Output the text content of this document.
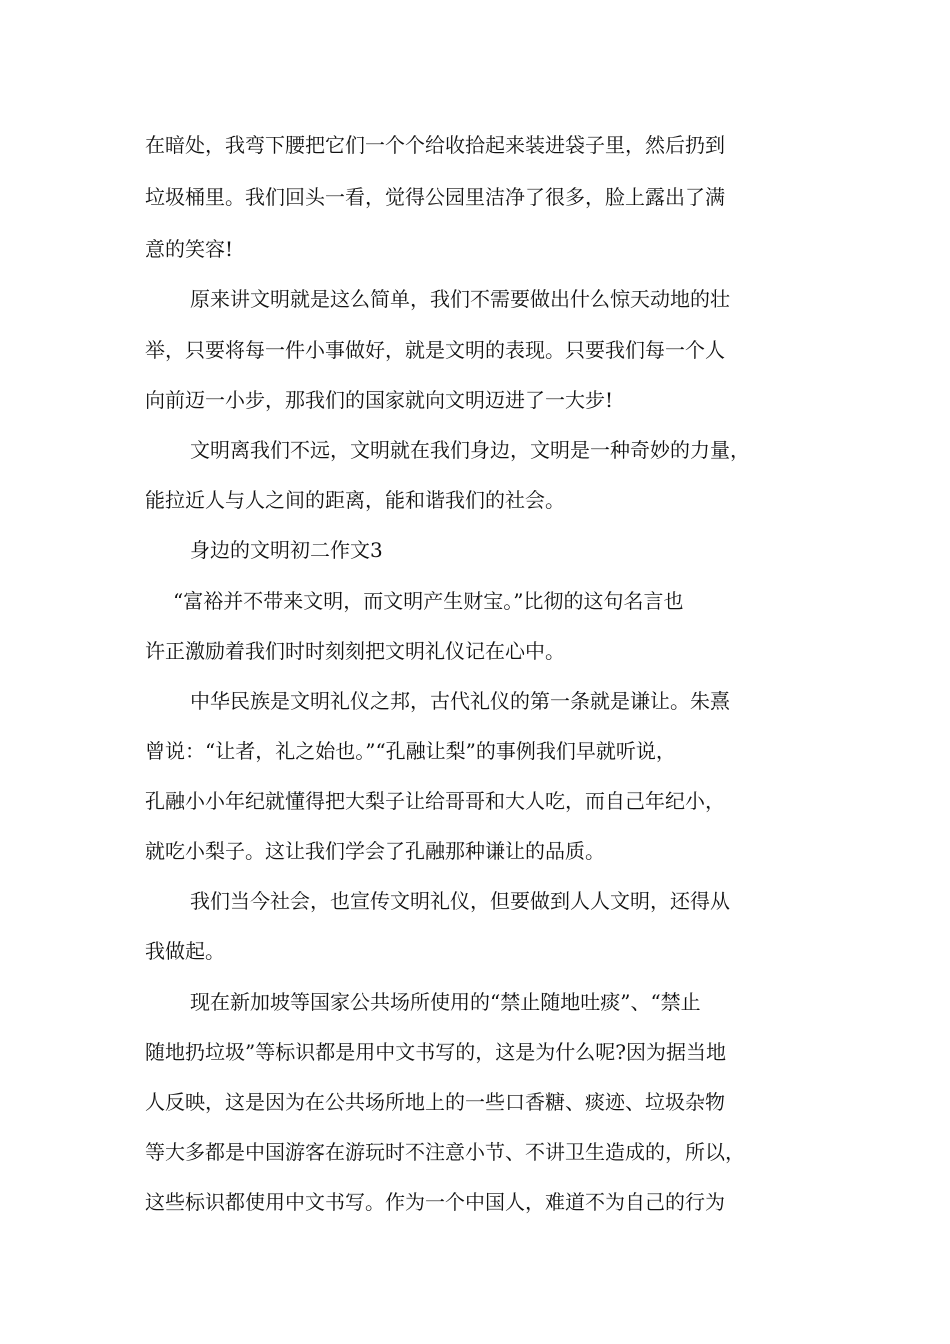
在暗处，我弯下腰把它们一个个给收拾起来装进袋子里，然后扔到
垃圾桶里。我们回头一看，觉得公园里洁净了很多，脸上露出了满
意的笑容!
原来讲文明就是这么简单，我们不需要做出什么惊天动地的壮
举，只要将每一件小事做好，就是文明的表现。只要我们每一个人
向前迈一小步，那我们的国家就向文明迈进了一大步!
文明离我们不远，文明就在我们身边，文明是一种奇妙的力量，
能拉近人与人之间的距离，能和谐我们的社会。
身边的文明初二作文3
“富裕并不带来文明，而文明产生财宝。”比彻的这句名言也
许正激励着我们时时刻刻把文明礼仪记在心中。
中华民族是文明礼仪之邦，古代礼仪的第一条就是谦让。朱熹
曾说：“让者，礼之始也。”“孔融让梨”的事例我们早就听说，
孔融小小年纪就懂得把大梨子让给哥哥和大人吃，而自己年纪小，
就吃小梨子。这让我们学会了孔融那种谦让的品质。
我们当今社会，也宣传文明礼仪，但要做到人人文明，还得从
我做起。
现在新加坡等国家公共场所使用的“禁止随地吐痰”、“禁止
随地扔垃圾”等标识都是用中文书写的，这是为什么呢?因为据当地
人反映，这是因为在公共场所地上的一些口香糖、痰迹、垃圾杂物
等大多都是中国游客在游玩时不注意小节、不讲卫生造成的，所以，
这些标识都使用中文书写。作为一个中国人，难道不为自己的行为
